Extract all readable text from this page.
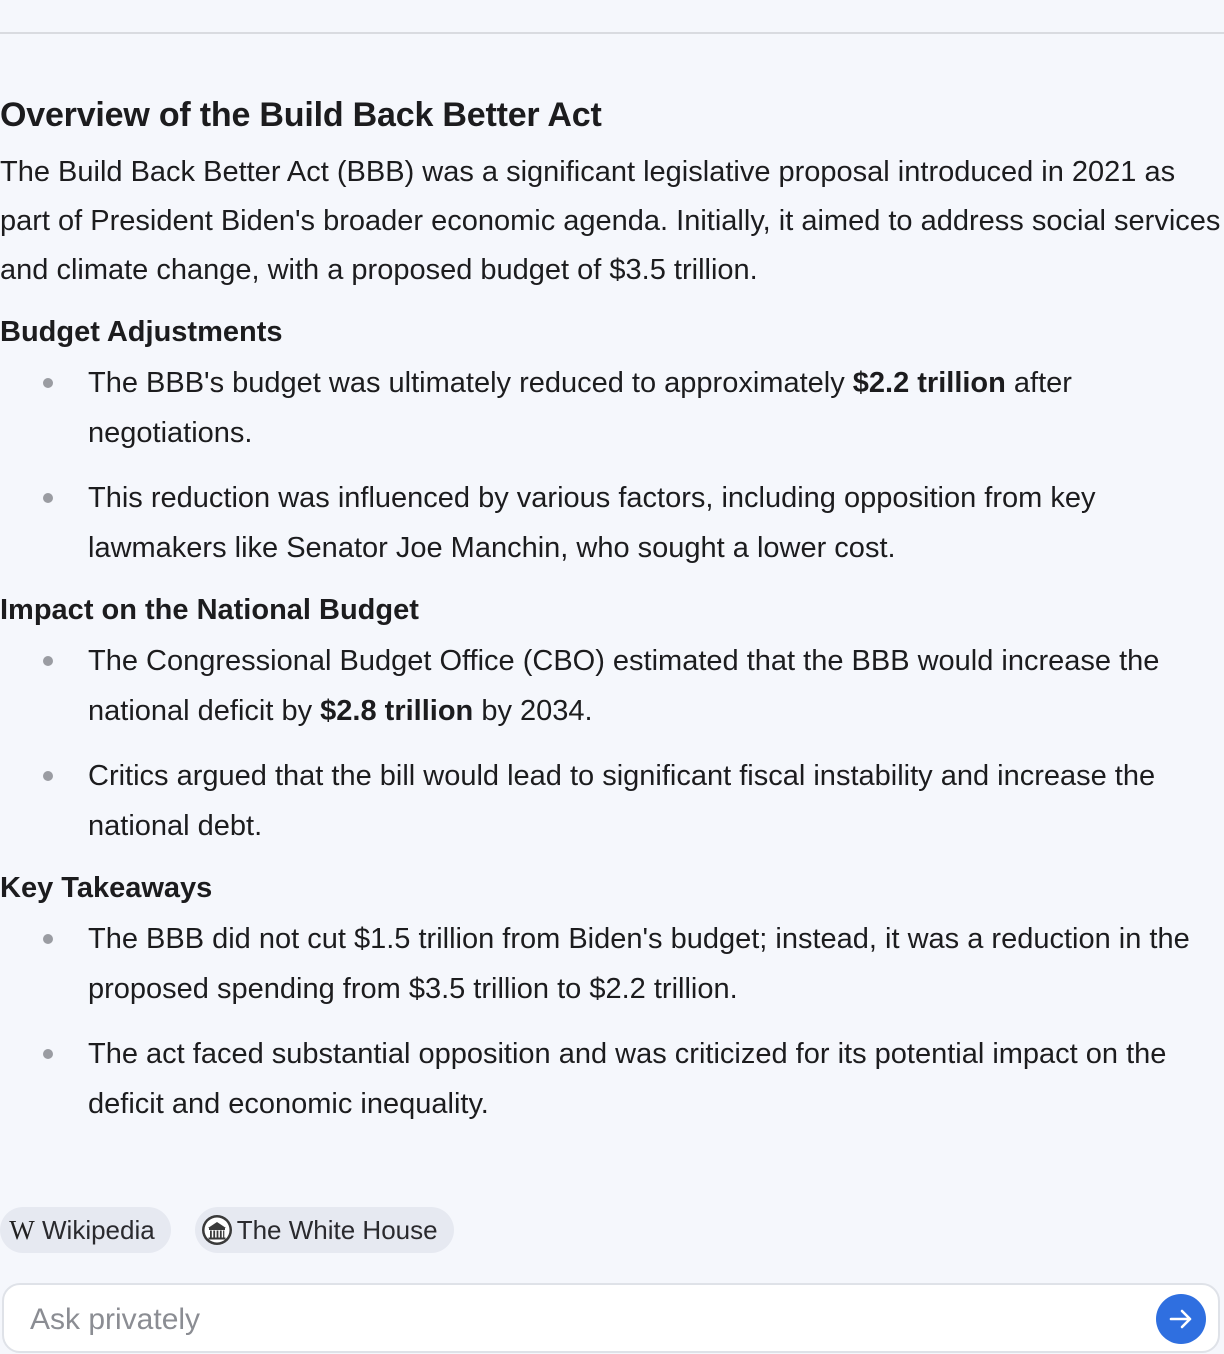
Overview of the Build Back Better Act

The Build Back Better Act (BBB) was a significant legislative proposal introduced in 2021 as part of President Biden's broader economic agenda. Initially, it aimed to address social services and climate change, with a proposed budget of $3.5 trillion.

Budget Adjustments
The BBB's budget was ultimately reduced to approximately $2.2 trillion after negotiations.
This reduction was influenced by various factors, including opposition from key lawmakers like Senator Joe Manchin, who sought a lower cost.
Impact on the National Budget
The Congressional Budget Office (CBO) estimated that the BBB would increase the national deficit by $2.8 trillion by 2034.
Critics argued that the bill would lead to significant fiscal instability and increase the national debt.
Key Takeaways
The BBB did not cut $1.5 trillion from Biden's budget; instead, it was a reduction in the proposed spending from $3.5 trillion to $2.2 trillion.
The act faced substantial opposition and was criticized for its potential impact on the deficit and economic inequality.
W Wikipedia	The White House
Ask privately
